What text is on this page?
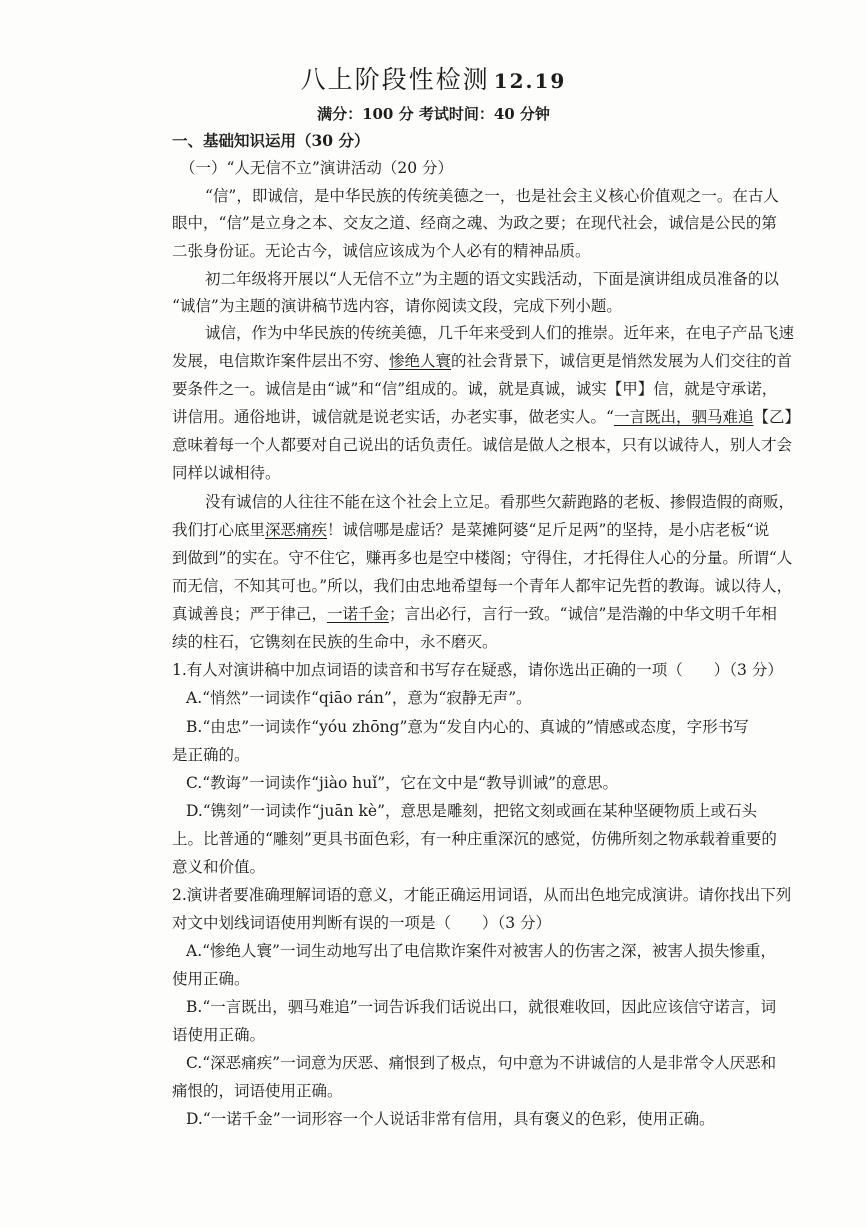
八上阶段性检测 12.19
满分：100 分 考试时间：40 分钟
一、基础知识运用（30 分）
（一）“人无信不立”演讲活动（20 分）
“信”，即诚信，是中华民族的传统美德之一，也是社会主义核心价值观之一。在古人
眼中，“信”是立身之本、交友之道、经商之魂、为政之要；在现代社会，诚信是公民的第
二张身份证。无论古今，诚信应该成为个人必有的精神品质。
初二年级将开展以“人无信不立”为主题的语文实践活动，下面是演讲组成员准备的以
“诚信”为主题的演讲稿节选内容，请你阅读文段，完成下列小题。
诚信，作为中华民族的传统美德，几千年来受到人们的推崇。近年来，在电子产品飞速
发展，电信欺诈案件层出不穷、惨绝人寰的社会背景下，诚信更是悄然发展为人们交往的首
要条件之一。诚信是由“诚”和“信”组成的。诚，就是真诚，诚实【甲】信，就是守承诺，
讲信用。通俗地讲，诚信就是说老实话，办老实事，做老实人。“一言既出，驷马难追【乙】
意味着每一个人都要对自己说出的话负责任。诚信是做人之根本，只有以诚待人，别人才会
同样以诚相待。
没有诚信的人往往不能在这个社会上立足。看那些欠薪跑路的老板、掺假造假的商贩，
我们打心底里深恶痛疾！诚信哪是虚话？是菜摊阿婆“足斤足两”的坚持，是小店老板“说
到做到”的实在。守不住它，赚再多也是空中楼阁；守得住，才托得住人心的分量。所谓“人
而无信，不知其可也。”所以，我们由忠地希望每一个青年人都牢记先哲的教诲。诚以待人，
真诚善良；严于律己，一诺千金；言出必行，言行一致。“诚信”是浩瀚的中华文明千年相
续的柱石，它镌刻在民族的生命中，永不磨灭。
1.有人对演讲稿中加点词语的读音和书写存在疑惑，请你选出正确的一项（　　）（3 分）
A.“悄然”一词读作“qiāo rán”，意为“寂静无声”。
B.“由忠”一词读作“yóu zhōng”意为“发自内心的、真诚的”情感或态度，字形书写
是正确的。
C.“教诲”一词读作“jiào huǐ”，它在文中是“教导训诫”的意思。
D.“镌刻”一词读作“juān kè”，意思是雕刻，把铭文刻或画在某种坚硬物质上或石头
上。比普通的“雕刻”更具书面色彩，有一种庄重深沉的感觉，仿佛所刻之物承载着重要的
意义和价值。
2.演讲者要准确理解词语的意义，才能正确运用词语，从而出色地完成演讲。请你找出下列
对文中划线词语使用判断有误的一项是（　　）（3 分）
A.“惨绝人寰”一词生动地写出了电信欺诈案件对被害人的伤害之深，被害人损失惨重，
使用正确。
B.“一言既出，驷马难追”一词告诉我们话说出口，就很难收回，因此应该信守诺言，词
语使用正确。
C.“深恶痛疾”一词意为厌恶、痛恨到了极点，句中意为不讲诚信的人是非常令人厌恶和
痛恨的，词语使用正确。
D.“一诺千金”一词形容一个人说话非常有信用，具有褒义的色彩，使用正确。
